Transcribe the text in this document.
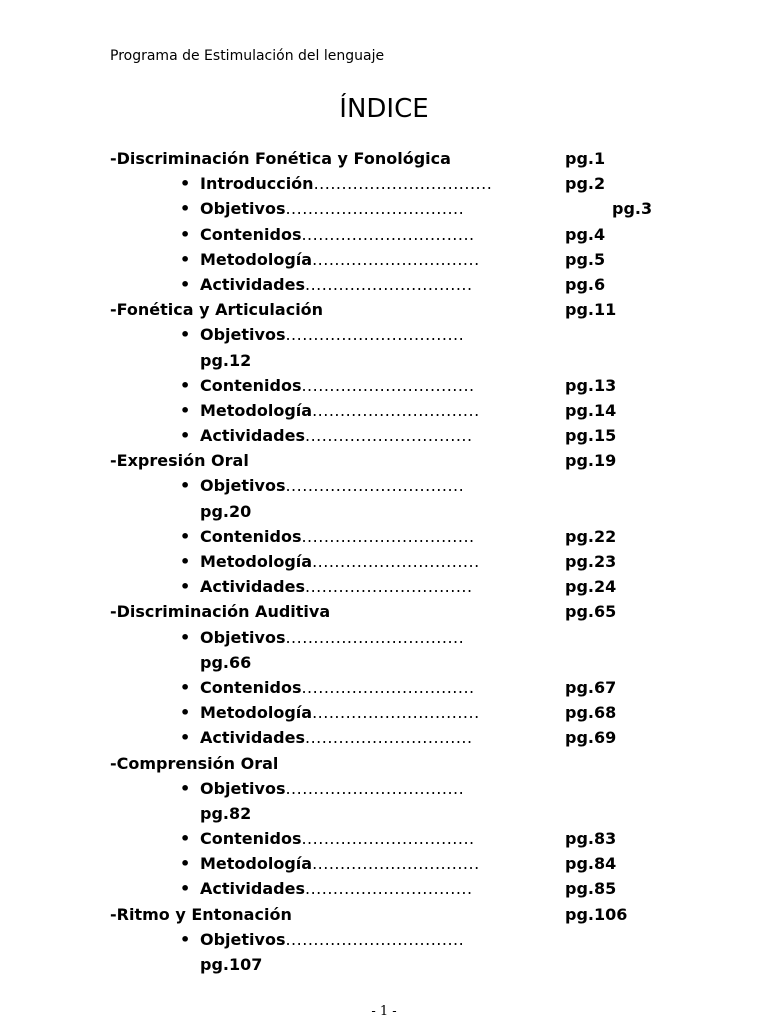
Programa de Estimulación del lenguaje
ÍNDICE
-Discriminación Fonética y Fonológica	pg.1
• Introducción................................	pg.2
• Objetivos................................	pg.3
• Contenidos...............................	pg.4
• Metodología..............................	pg.5
• Actividades..............................	pg.6
-Fonética y Articulación	pg.11
• Objetivos................................
pg.12
• Contenidos...............................	pg.13
• Metodología..............................	pg.14
• Actividades..............................	pg.15
-Expresión Oral	pg.19
• Objetivos................................
pg.20
• Contenidos...............................	pg.22
• Metodología..............................	pg.23
• Actividades..............................	pg.24
-Discriminación Auditiva	pg.65
• Objetivos................................
pg.66
• Contenidos...............................	pg.67
• Metodología..............................	pg.68
• Actividades..............................	pg.69
-Comprensión Oral
• Objetivos................................
pg.82
• Contenidos...............................	pg.83
• Metodología..............................	pg.84
• Actividades..............................	pg.85
-Ritmo y Entonación	pg.106
• Objetivos................................
pg.107
- 1 -
